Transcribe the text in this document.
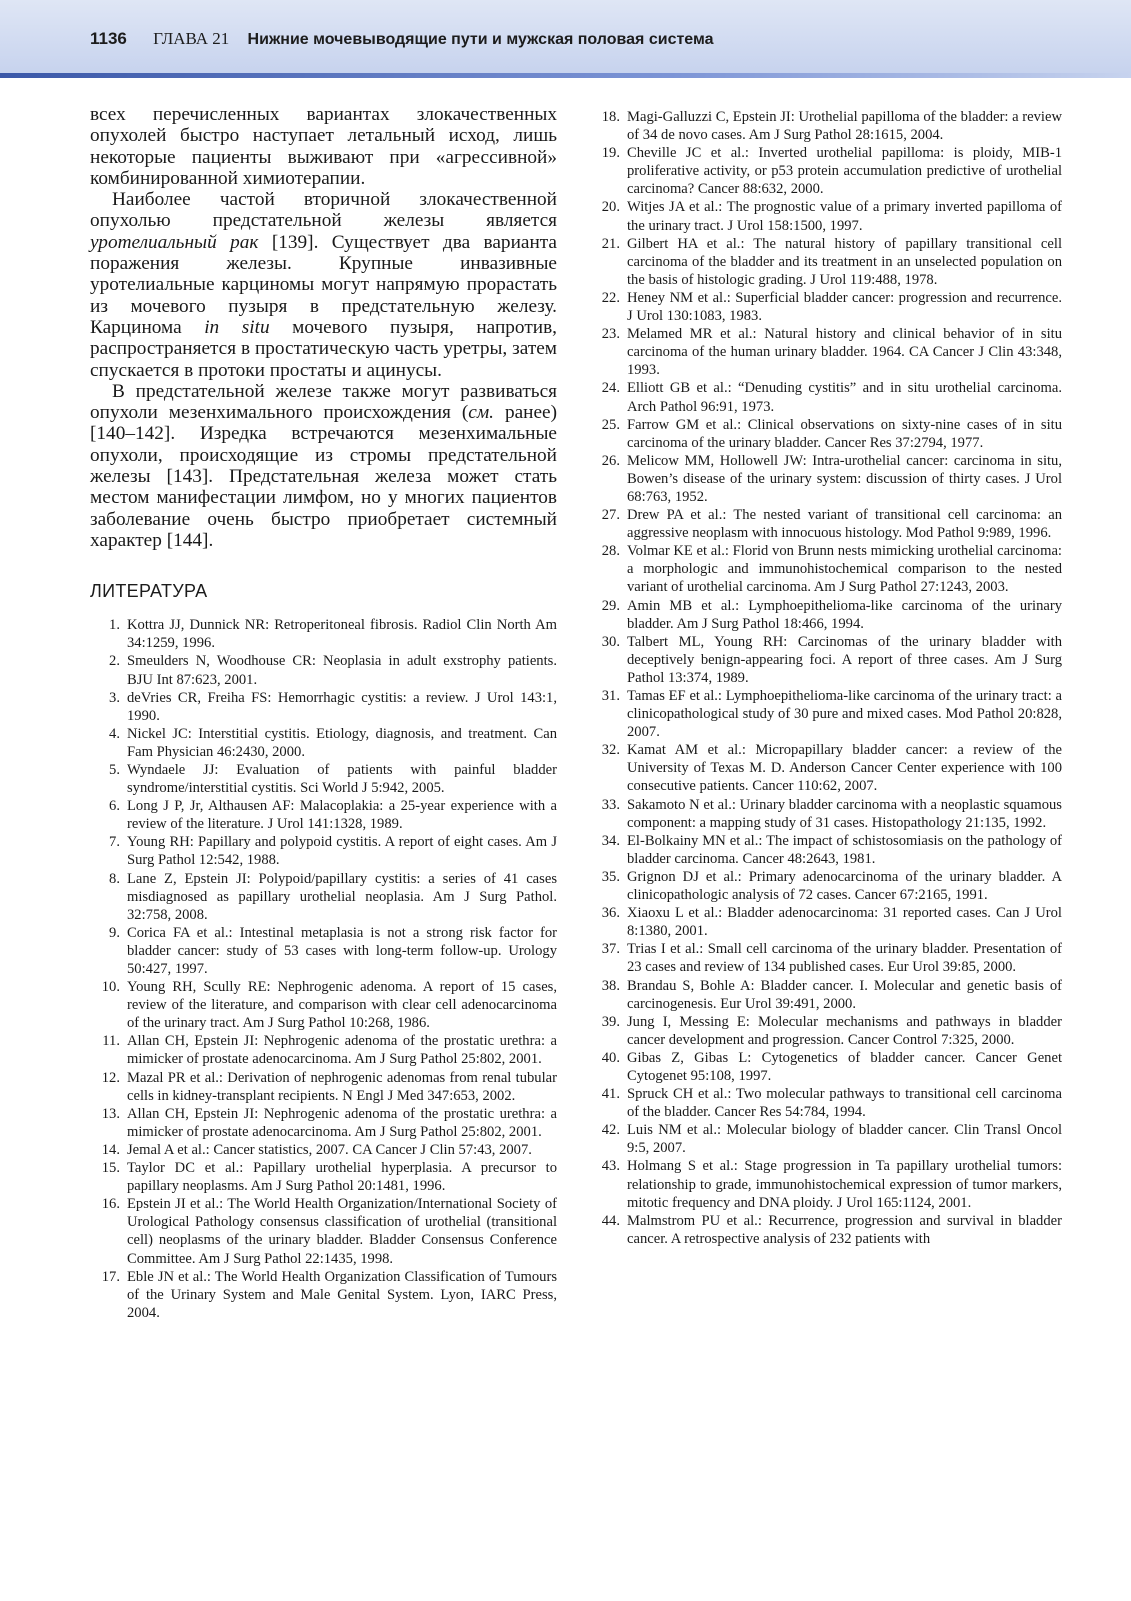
1136 ГЛАВА 21 Нижние мочевыводящие пути и мужская половая система

всех перечисленных вариантах злокачественных опухолей быстро наступает летальный исход, лишь некоторые пациенты выживают при «агрессивной» комбинированной химиотерапии.

Наиболее частой вторичной злокачественной опухолью предстательной железы является уротелиальный рак [139]. Существует два варианта поражения железы. Крупные инвазивные уротелиальные карциномы могут напрямую прорастать из мочевого пузыря в предстательную железу. Карцинома in situ мочевого пузыря, напротив, распространяется в простатическую часть уретры, затем спускается в протоки простаты и ацинусы.

В предстательной железе также могут развиваться опухоли мезенхимального происхождения (см. ранее) [140–142]. Изредка встречаются мезенхимальные опухоли, происходящие из стромы предстательной железы [143]. Предстательная железа может стать местом манифестации лимфом, но у многих пациентов заболевание очень быстро приобретает системный характер [144].

ЛИТЕРАТУРА
1. Kottra JJ, Dunnick NR: Retroperitoneal fibrosis. Radiol Clin North Am 34:1259, 1996.
2. Smeulders N, Woodhouse CR: Neoplasia in adult exstrophy patients. BJU Int 87:623, 2001.
3. deVries CR, Freiha FS: Hemorrhagic cystitis: a review. J Urol 143:1, 1990.
4. Nickel JC: Interstitial cystitis. Etiology, diagnosis, and treatment. Can Fam Physician 46:2430, 2000.
5. Wyndaele JJ: Evaluation of patients with painful bladder syndrome/interstitial cystitis. Sci World J 5:942, 2005.
6. Long J P, Jr, Althausen AF: Malacoplakia: a 25-year experience with a review of the literature. J Urol 141:1328, 1989.
7. Young RH: Papillary and polypoid cystitis. A report of eight cases. Am J Surg Pathol 12:542, 1988.
8. Lane Z, Epstein JI: Polypoid/papillary cystitis: a series of 41 cases misdiagnosed as papillary urothelial neoplasia. Am J Surg Pathol. 32:758, 2008.
9. Corica FA et al.: Intestinal metaplasia is not a strong risk factor for bladder cancer: study of 53 cases with long-term follow-up. Urology 50:427, 1997.
10. Young RH, Scully RE: Nephrogenic adenoma. A report of 15 cases, review of the literature, and comparison with clear cell adenocarcinoma of the urinary tract. Am J Surg Pathol 10:268, 1986.
11. Allan CH, Epstein JI: Nephrogenic adenoma of the prostatic urethra: a mimicker of prostate adenocarcinoma. Am J Surg Pathol 25:802, 2001.
12. Mazal PR et al.: Derivation of nephrogenic adenomas from renal tubular cells in kidney-transplant recipients. N Engl J Med 347:653, 2002.
13. Allan CH, Epstein JI: Nephrogenic adenoma of the prostatic urethra: a mimicker of prostate adenocarcinoma. Am J Surg Pathol 25:802, 2001.
14. Jemal A et al.: Cancer statistics, 2007. CA Cancer J Clin 57:43, 2007.
15. Taylor DC et al.: Papillary urothelial hyperplasia. A precursor to papillary neoplasms. Am J Surg Pathol 20:1481, 1996.
16. Epstein JI et al.: The World Health Organization/International Society of Urological Pathology consensus classification of urothelial (transitional cell) neoplasms of the urinary bladder. Bladder Consensus Conference Committee. Am J Surg Pathol 22:1435, 1998.
17. Eble JN et al.: The World Health Organization Classification of Tumours of the Urinary System and Male Genital System. Lyon, IARC Press, 2004.
18. Magi-Galluzzi C, Epstein JI: Urothelial papilloma of the bladder: a review of 34 de novo cases. Am J Surg Pathol 28:1615, 2004.
19. Cheville JC et al.: Inverted urothelial papilloma: is ploidy, MIB-1 proliferative activity, or p53 protein accumulation predictive of urothelial carcinoma? Cancer 88:632, 2000.
20. Witjes JA et al.: The prognostic value of a primary inverted papilloma of the urinary tract. J Urol 158:1500, 1997.
21. Gilbert HA et al.: The natural history of papillary transitional cell carcinoma of the bladder and its treatment in an unselected population on the basis of histologic grading. J Urol 119:488, 1978.
22. Heney NM et al.: Superficial bladder cancer: progression and recurrence. J Urol 130:1083, 1983.
23. Melamed MR et al.: Natural history and clinical behavior of in situ carcinoma of the human urinary bladder. 1964. CA Cancer J Clin 43:348, 1993.
24. Elliott GB et al.: “Denuding cystitis” and in situ urothelial carcinoma. Arch Pathol 96:91, 1973.
25. Farrow GM et al.: Clinical observations on sixty-nine cases of in situ carcinoma of the urinary bladder. Cancer Res 37:2794, 1977.
26. Melicow MM, Hollowell JW: Intra-urothelial cancer: carcinoma in situ, Bowen’s disease of the urinary system: discussion of thirty cases. J Urol 68:763, 1952.
27. Drew PA et al.: The nested variant of transitional cell carcinoma: an aggressive neoplasm with innocuous histology. Mod Pathol 9:989, 1996.
28. Volmar KE et al.: Florid von Brunn nests mimicking urothelial carcinoma: a morphologic and immunohistochemical comparison to the nested variant of urothelial carcinoma. Am J Surg Pathol 27:1243, 2003.
29. Amin MB et al.: Lymphoepithelioma-like carcinoma of the urinary bladder. Am J Surg Pathol 18:466, 1994.
30. Talbert ML, Young RH: Carcinomas of the urinary bladder with deceptively benign-appearing foci. A report of three cases. Am J Surg Pathol 13:374, 1989.
31. Tamas EF et al.: Lymphoepithelioma-like carcinoma of the urinary tract: a clinicopathological study of 30 pure and mixed cases. Mod Pathol 20:828, 2007.
32. Kamat AM et al.: Micropapillary bladder cancer: a review of the University of Texas M. D. Anderson Cancer Center experience with 100 consecutive patients. Cancer 110:62, 2007.
33. Sakamoto N et al.: Urinary bladder carcinoma with a neoplastic squamous component: a mapping study of 31 cases. Histopathology 21:135, 1992.
34. El-Bolkainy MN et al.: The impact of schistosomiasis on the pathology of bladder carcinoma. Cancer 48:2643, 1981.
35. Grignon DJ et al.: Primary adenocarcinoma of the urinary bladder. A clinicopathologic analysis of 72 cases. Cancer 67:2165, 1991.
36. Xiaoxu L et al.: Bladder adenocarcinoma: 31 reported cases. Can J Urol 8:1380, 2001.
37. Trias I et al.: Small cell carcinoma of the urinary bladder. Presentation of 23 cases and review of 134 published cases. Eur Urol 39:85, 2000.
38. Brandau S, Bohle A: Bladder cancer. I. Molecular and genetic basis of carcinogenesis. Eur Urol 39:491, 2000.
39. Jung I, Messing E: Molecular mechanisms and pathways in bladder cancer development and progression. Cancer Control 7:325, 2000.
40. Gibas Z, Gibas L: Cytogenetics of bladder cancer. Cancer Genet Cytogenet 95:108, 1997.
41. Spruck CH et al.: Two molecular pathways to transitional cell carcinoma of the bladder. Cancer Res 54:784, 1994.
42. Luis NM et al.: Molecular biology of bladder cancer. Clin Transl Oncol 9:5, 2007.
43. Holmang S et al.: Stage progression in Ta papillary urothelial tumors: relationship to grade, immunohistochemical expression of tumor markers, mitotic frequency and DNA ploidy. J Urol 165:1124, 2001.
44. Malmstrom PU et al.: Recurrence, progression and survival in bladder cancer. A retrospective analysis of 232 patients with
